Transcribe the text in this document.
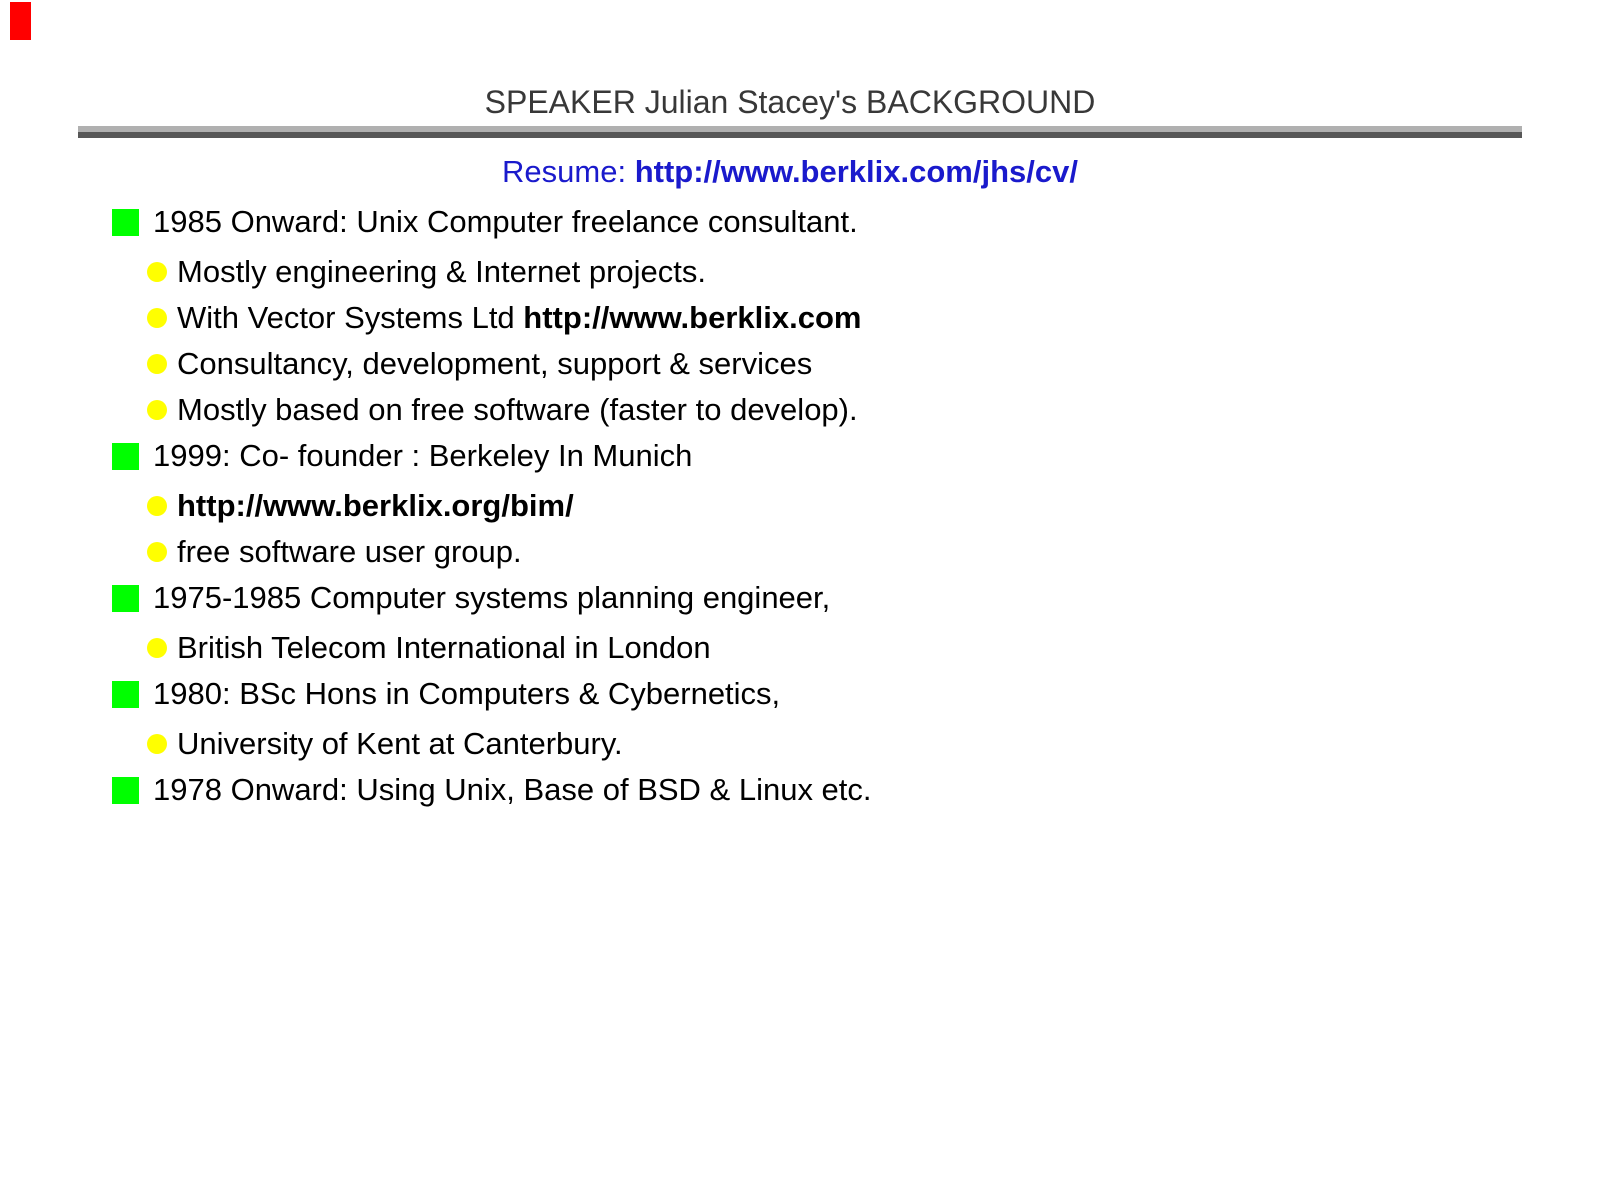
SPEAKER Julian Stacey's BACKGROUND
Resume: http://www.berklix.com/jhs/cv/
1985 Onward: Unix Computer freelance consultant.
Mostly engineering & Internet projects.
With Vector Systems Ltd http://www.berklix.com
Consultancy, development, support & services
Mostly based on free software (faster to develop).
1999: Co- founder : Berkeley In Munich
http://www.berklix.org/bim/
free software user group.
1975-1985 Computer systems planning engineer,
British Telecom International in London
1980: BSc Hons in Computers & Cybernetics,
University of Kent at Canterbury.
1978 Onward: Using Unix, Base of BSD & Linux etc.
